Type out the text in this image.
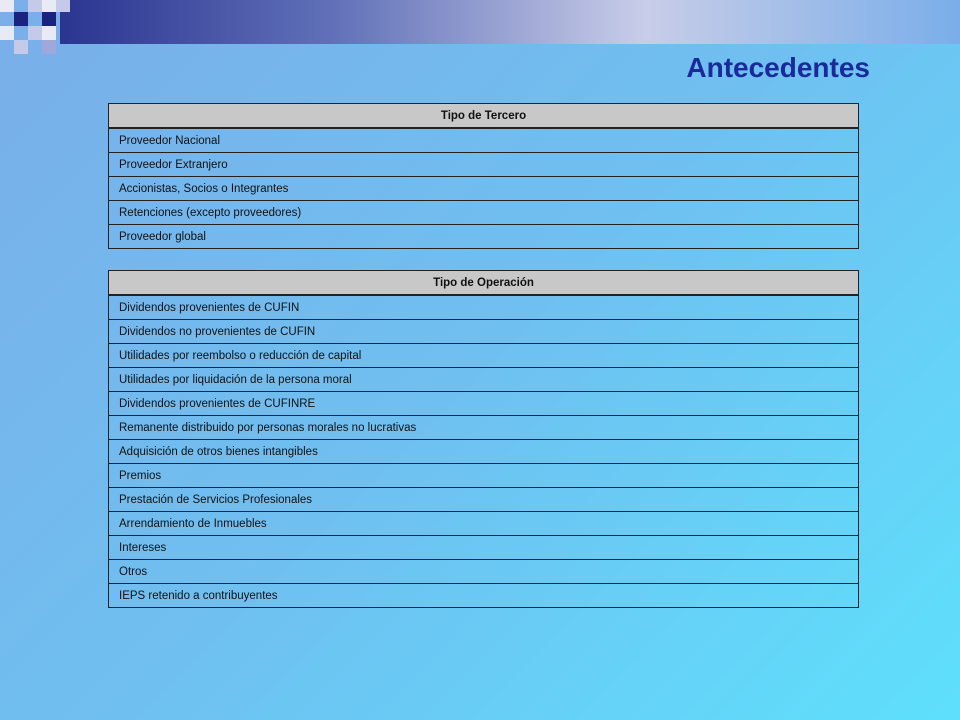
Antecedentes
Tipo de Tercero
Proveedor Nacional
Proveedor Extranjero
Accionistas, Socios o Integrantes
Retenciones (excepto proveedores)
Proveedor global
Tipo de Operación
Dividendos provenientes de CUFIN
Dividendos no provenientes de CUFIN
Utilidades por reembolso o reducción de capital
Utilidades por liquidación de la persona moral
Dividendos provenientes de CUFINRE
Remanente distribuido por personas morales no lucrativas
Adquisición de otros bienes intangibles
Premios
Prestación de Servicios Profesionales
Arrendamiento de Inmuebles
Intereses
Otros
IEPS retenido a contribuyentes
